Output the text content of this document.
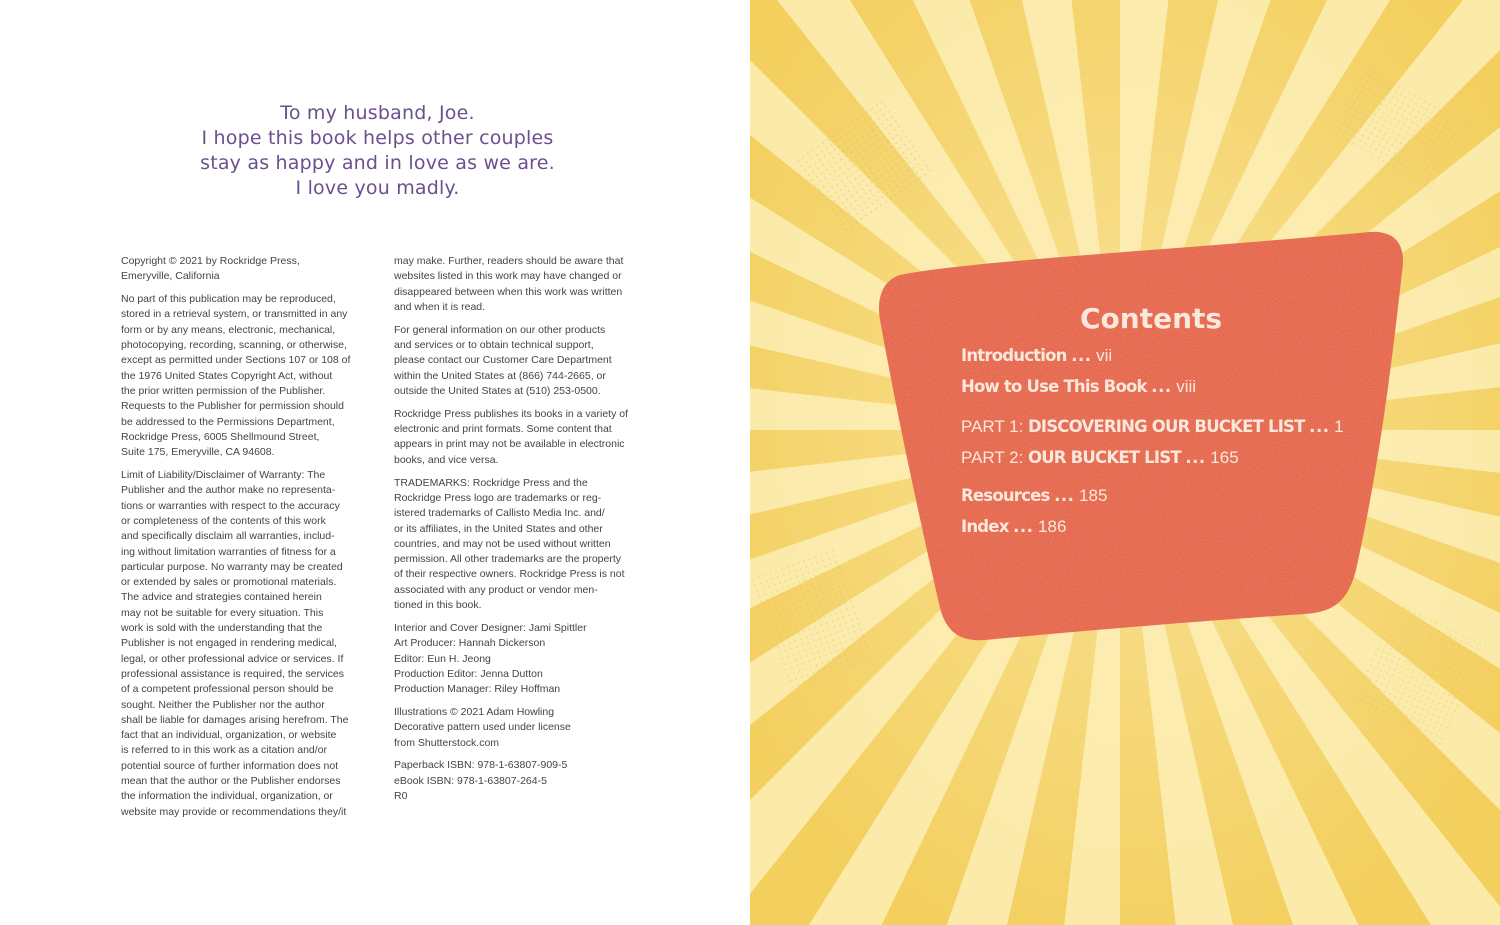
To my husband, Joe.
I hope this book helps other couples
stay as happy and in love as we are.
I love you madly.

Copyright © 2021 by Rockridge Press,
Emeryville, California

No part of this publication may be reproduced,
stored in a retrieval system, or transmitted in any
form or by any means, electronic, mechanical,
photocopying, recording, scanning, or otherwise,
except as permitted under Sections 107 or 108 of
the 1976 United States Copyright Act, without
the prior written permission of the Publisher.
Requests to the Publisher for permission should
be addressed to the Permissions Department,
Rockridge Press, 6005 Shellmound Street,
Suite 175, Emeryville, CA 94608.

Limit of Liability/Disclaimer of Warranty: The
Publisher and the author make no representa-
tions or warranties with respect to the accuracy
or completeness of the contents of this work
and specifically disclaim all warranties, includ-
ing without limitation warranties of fitness for a
particular purpose. No warranty may be created
or extended by sales or promotional materials.
The advice and strategies contained herein
may not be suitable for every situation. This
work is sold with the understanding that the
Publisher is not engaged in rendering medical,
legal, or other professional advice or services. If
professional assistance is required, the services
of a competent professional person should be
sought. Neither the Publisher nor the author
shall be liable for damages arising herefrom. The
fact that an individual, organization, or website
is referred to in this work as a citation and/or
potential source of further information does not
mean that the author or the Publisher endorses
the information the individual, organization, or
website may provide or recommendations they/it

may make. Further, readers should be aware that
websites listed in this work may have changed or
disappeared between when this work was written
and when it is read.

For general information on our other products
and services or to obtain technical support,
please contact our Customer Care Department
within the United States at (866) 744-2665, or
outside the United States at (510) 253-0500.

Rockridge Press publishes its books in a variety of
electronic and print formats. Some content that
appears in print may not be available in electronic
books, and vice versa.

TRADEMARKS: Rockridge Press and the
Rockridge Press logo are trademarks or reg-
istered trademarks of Callisto Media Inc. and/
or its affiliates, in the United States and other
countries, and may not be used without written
permission. All other trademarks are the property
of their respective owners. Rockridge Press is not
associated with any product or vendor men-
tioned in this book.

Interior and Cover Designer: Jami Spittler
Art Producer: Hannah Dickerson
Editor: Eun H. Jeong
Production Editor: Jenna Dutton
Production Manager: Riley Hoffman

Illustrations © 2021 Adam Howling
Decorative pattern used under license
from Shutterstock.com

Paperback ISBN: 978-1-63807-909-5
eBook ISBN: 978-1-63807-264-5
R0

Contents
Introduction ... vii
How to Use This Book ... viii
PART 1: DISCOVERING OUR BUCKET LIST ... 1
PART 2: OUR BUCKET LIST ... 165
Resources ... 185
Index ... 186
